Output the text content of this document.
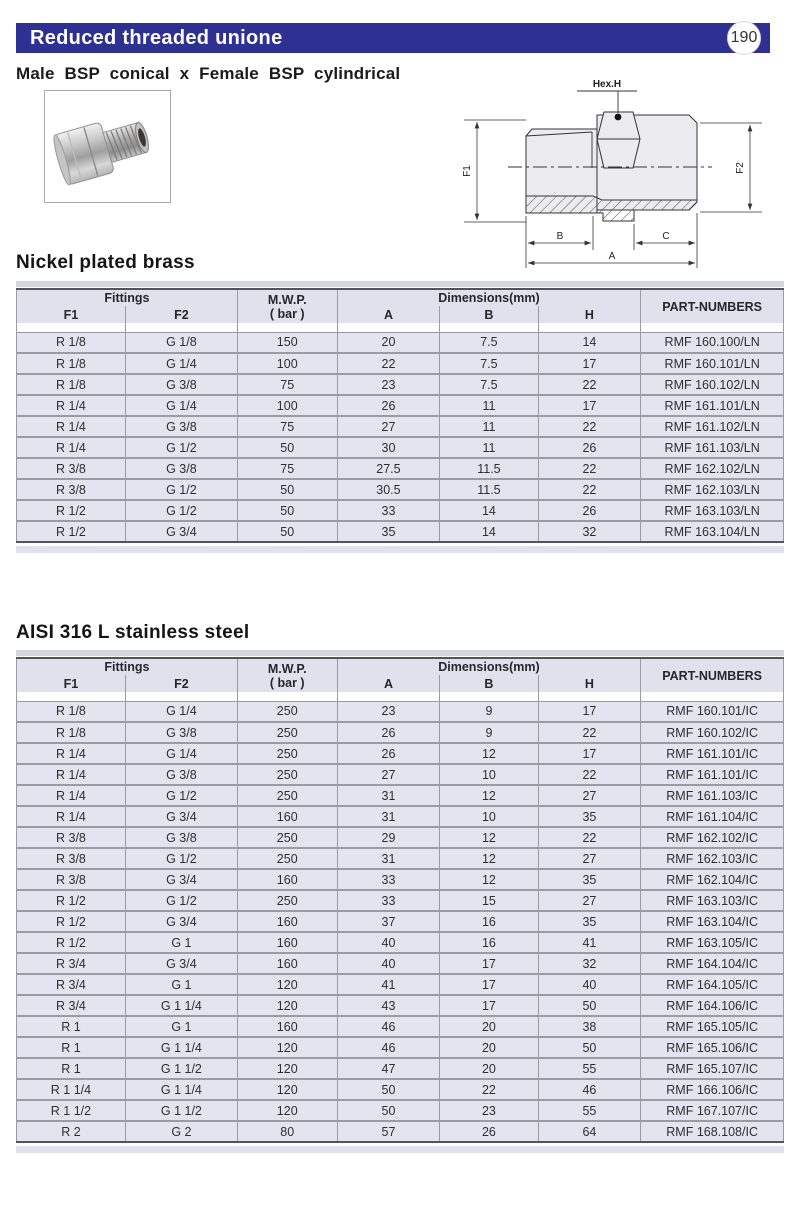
Reduced threaded unione	190
Male BSP conical x Female BSP cylindrical
Hex.H
F1	F2
B	C
A
Nickel plated brass
Fittings		M.W.P.
( bar )	Dimensions(mm)			PART-NUMBERS
F1	F2		A	B	H	

R 1/8	G 1/8	150	20	7.5	14	RMF 160.100/LN
R 1/8	G 1/4	100	22	7.5	17	RMF 160.101/LN
R 1/8	G 3/8	75	23	7.5	22	RMF 160.102/LN
R 1/4	G 1/4	100	26	11	17	RMF 161.101/LN
R 1/4	G 3/8	75	27	11	22	RMF 161.102/LN
R 1/4	G 1/2	50	30	11	26	RMF 161.103/LN
R 3/8	G 3/8	75	27.5	11.5	22	RMF 162.102/LN
R 3/8	G 1/2	50	30.5	11.5	22	RMF 162.103/LN
R 1/2	G 1/2	50	33	14	26	RMF 163.103/LN
R 1/2	G 3/4	50	35	14	32	RMF 163.104/LN
AISI 316 L stainless steel
Fittings		M.W.P.
( bar )	Dimensions(mm)			PART-NUMBERS
F1	F2		A	B	H	

R 1/8	G 1/4	250	23	9	17	RMF 160.101/IC
R 1/8	G 3/8	250	26	9	22	RMF 160.102/IC
R 1/4	G 1/4	250	26	12	17	RMF 161.101/IC
R 1/4	G 3/8	250	27	10	22	RMF 161.101/IC
R 1/4	G 1/2	250	31	12	27	RMF 161.103/IC
R 1/4	G 3/4	160	31	10	35	RMF 161.104/IC
R 3/8	G 3/8	250	29	12	22	RMF 162.102/IC
R 3/8	G 1/2	250	31	12	27	RMF 162.103/IC
R 3/8	G 3/4	160	33	12	35	RMF 162.104/IC
R 1/2	G 1/2	250	33	15	27	RMF 163.103/IC
R 1/2	G 3/4	160	37	16	35	RMF 163.104/IC
R 1/2	G 1	160	40	16	41	RMF 163.105/IC
R 3/4	G 3/4	160	40	17	32	RMF 164.104/IC
R 3/4	G 1	120	41	17	40	RMF 164.105/IC
R 3/4	G 1 1/4	120	43	17	50	RMF 164.106/IC
R 1	G 1	160	46	20	38	RMF 165.105/IC
R 1	G 1 1/4	120	46	20	50	RMF 165.106/IC
R 1	G 1 1/2	120	47	20	55	RMF 165.107/IC
R 1 1/4	G 1 1/4	120	50	22	46	RMF 166.106/IC
R 1 1/2	G 1 1/2	120	50	23	55	RMF 167.107/IC
R 2	G 2	80	57	26	64	RMF 168.108/IC
